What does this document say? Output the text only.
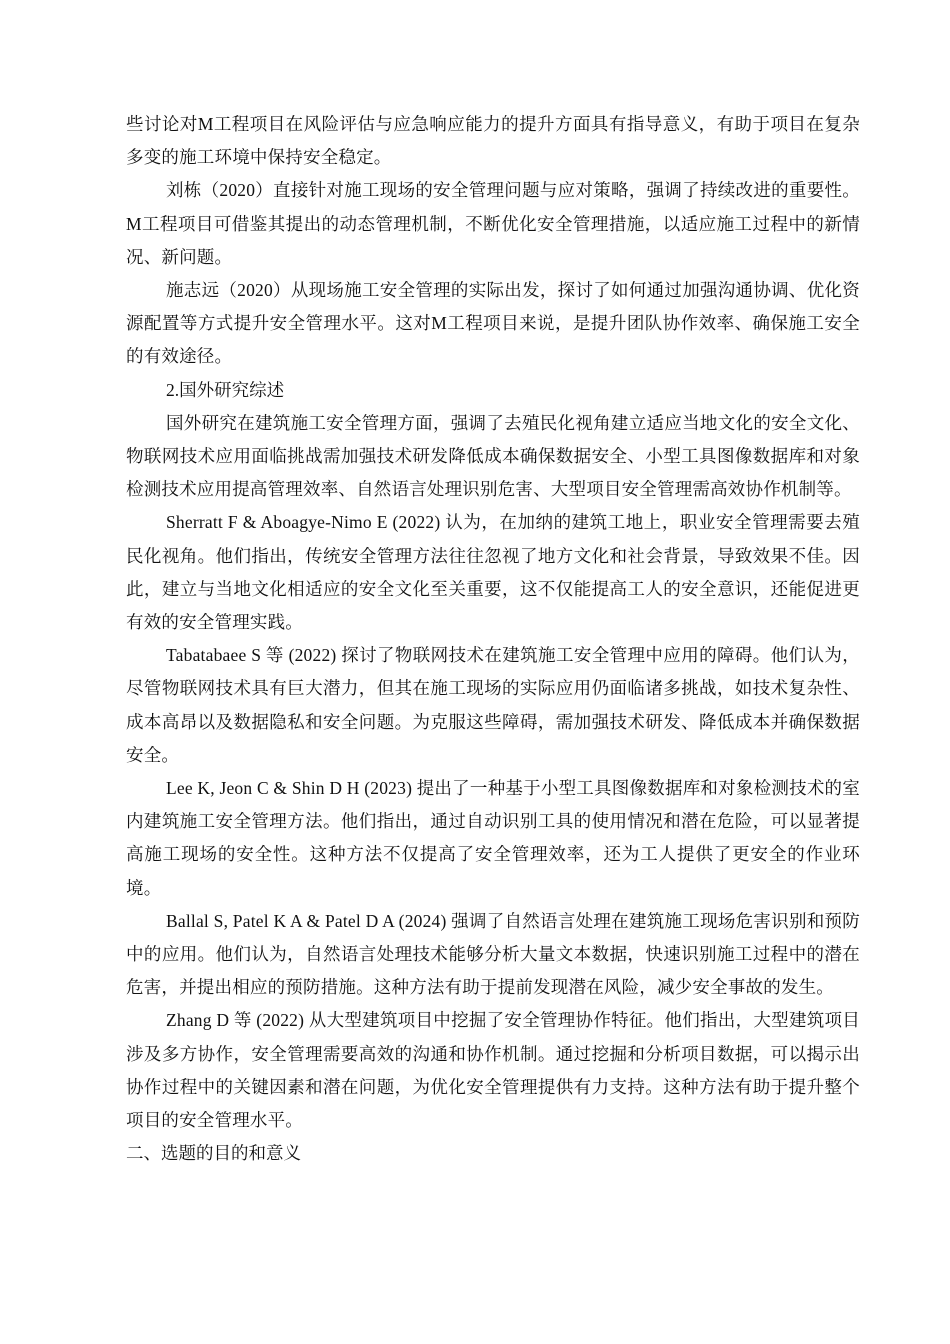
些讨论对M工程项目在风险评估与应急响应能力的提升方面具有指导意义，有助于项目在复杂多变的施工环境中保持安全稳定。

刘栋（2020）直接针对施工现场的安全管理问题与应对策略，强调了持续改进的重要性。M工程项目可借鉴其提出的动态管理机制，不断优化安全管理措施，以适应施工过程中的新情况、新问题。

施志远（2020）从现场施工安全管理的实际出发，探讨了如何通过加强沟通协调、优化资源配置等方式提升安全管理水平。这对M工程项目来说，是提升团队协作效率、确保施工安全的有效途径。

2.国外研究综述

国外研究在建筑施工安全管理方面，强调了去殖民化视角建立适应当地文化的安全文化、物联网技术应用面临挑战需加强技术研发降低成本确保数据安全、小型工具图像数据库和对象检测技术应用提高管理效率、自然语言处理识别危害、大型项目安全管理需高效协作机制等。

Sherratt F & Aboagye-Nimo E (2022) 认为，在加纳的建筑工地上，职业安全管理需要去殖民化视角。他们指出，传统安全管理方法往往忽视了地方文化和社会背景，导致效果不佳。因此，建立与当地文化相适应的安全文化至关重要，这不仅能提高工人的安全意识，还能促进更有效的安全管理实践。

Tabatabaee S 等 (2022) 探讨了物联网技术在建筑施工安全管理中应用的障碍。他们认为，尽管物联网技术具有巨大潜力，但其在施工现场的实际应用仍面临诸多挑战，如技术复杂性、成本高昂以及数据隐私和安全问题。为克服这些障碍，需加强技术研发、降低成本并确保数据安全。

Lee K, Jeon C & Shin D H (2023) 提出了一种基于小型工具图像数据库和对象检测技术的室内建筑施工安全管理方法。他们指出，通过自动识别工具的使用情况和潜在危险，可以显著提高施工现场的安全性。这种方法不仅提高了安全管理效率，还为工人提供了更安全的作业环境。

Ballal S, Patel K A & Patel D A (2024) 强调了自然语言处理在建筑施工现场危害识别和预防中的应用。他们认为，自然语言处理技术能够分析大量文本数据，快速识别施工过程中的潜在危害，并提出相应的预防措施。这种方法有助于提前发现潜在风险，减少安全事故的发生。

Zhang D 等 (2022) 从大型建筑项目中挖掘了安全管理协作特征。他们指出，大型建筑项目涉及多方协作，安全管理需要高效的沟通和协作机制。通过挖掘和分析项目数据，可以揭示出协作过程中的关键因素和潜在问题，为优化安全管理提供有力支持。这种方法有助于提升整个项目的安全管理水平。

二、选题的目的和意义
